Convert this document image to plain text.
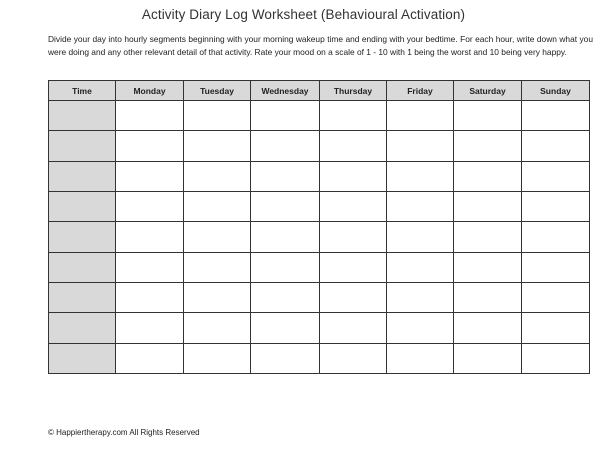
Activity Diary Log Worksheet (Behavioural Activation)
Divide your day into hourly segments beginning with your morning wakeup time and ending with your bedtime. For each hour, write down what you were doing and any other relevant detail of that activity. Rate your mood on a scale of 1 - 10 with 1 being the worst and 10 being very happy.
Time	Monday	Tuesday	Wednesday	Thursday	Friday	Saturday	Sunday

© Happiertherapy.com All Rights Reserved
